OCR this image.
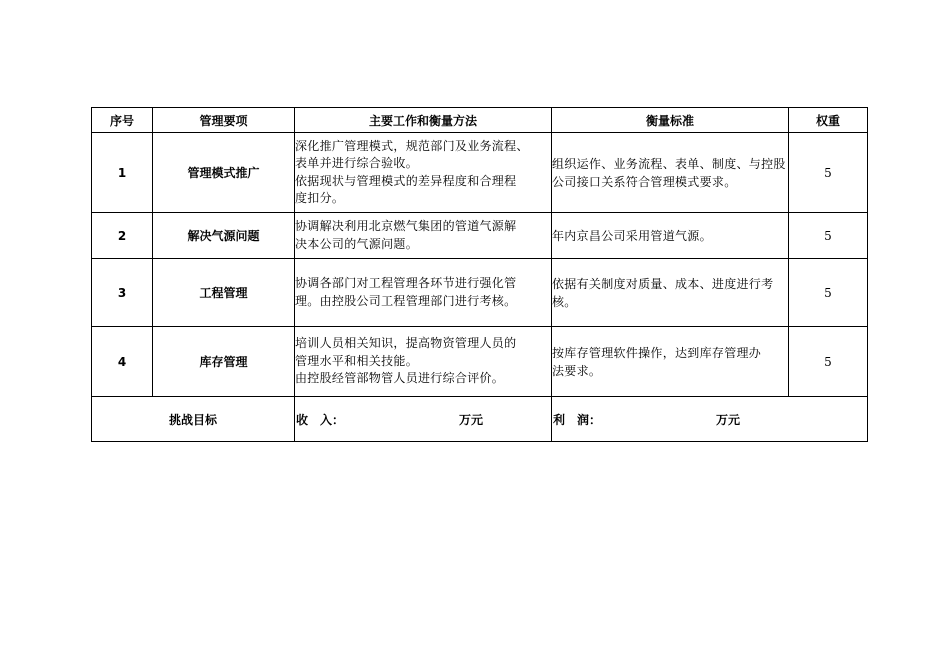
序号	管理要项	主要工作和衡量方法	衡量标准	权重
1	管理模式推广	深化推广管理模式，规范部门及业务流程、
表单并进行综合验收。
依据现状与管理模式的差异程度和合理程
度扣分。	组织运作、业务流程、表单、制度、与控股
公司接口关系符合管理模式要求。	5
2	解决气源问题	协调解决利用北京燃气集团的管道气源解
决本公司的气源问题。	年内京昌公司采用管道气源。	5
3	工程管理	协调各部门对工程管理各环节进行强化管
理。由控股公司工程管理部门进行考核。	依据有关制度对质量、成本、进度进行考
核。	5
4	库存管理	培训人员相关知识，提高物资管理人员的
管理水平和相关技能。
由控股经管部物管人员进行综合评价。	按库存管理软件操作，达到库存管理办
法要求。	5
挑战目标		收　入： 万元	利　润： 万元	
